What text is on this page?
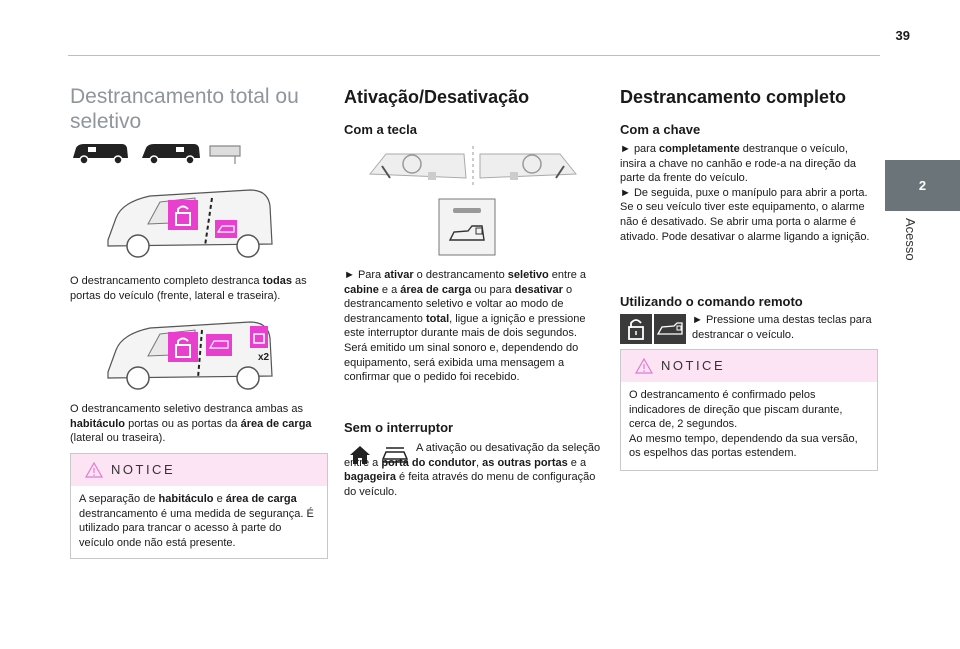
39
2
Acesso
Destrancamento total ou seletivo

O destrancamento completo destranca todas as portas do veículo (frente, lateral e traseira).

x2

O destrancamento seletivo destranca ambas as habitáculo portas ou as portas da área de carga (lateral ou traseira).

NOTICE
A separação de habitáculo e área de carga destrancamento é uma medida de segurança. É utilizado para trancar o acesso à parte do veículo onde não está presente.
Ativação/Desativação
Com a tecla

► Para ativar o destrancamento seletivo entre a cabine e a área de carga ou para desativar o destrancamento seletivo e voltar ao modo de destrancamento total, ligue a ignição e pressione este interruptor durante mais de dois segundos.
Será emitido um sinal sonoro e, dependendo do equipamento, será exibida uma mensagem a confirmar que o pedido foi recebido.

Sem o interruptor

A ativação ou desativação da seleção entre a porta do condutor, as outras portas e a bagageira é feita através do menu de configuração do veículo.

Destrancamento completo
Com a chave

► para completamente destranque o veículo, insira a chave no canhão e rode-a na direção da parte da frente do veículo.
► De seguida, puxe o manípulo para abrir a porta.
Se o seu veículo tiver este equipamento, o alarme não é desativado. Se abrir uma porta o alarme é ativado. Pode desativar o alarme ligando a ignição.

Utilizando o comando remoto

► Pressione uma destas teclas para destrancar o veículo.

NOTICE
O destrancamento é confirmado pelos indicadores de direção que piscam durante, cerca de, 2 segundos.
Ao mesmo tempo, dependendo da sua versão, os espelhos das portas estendem.
